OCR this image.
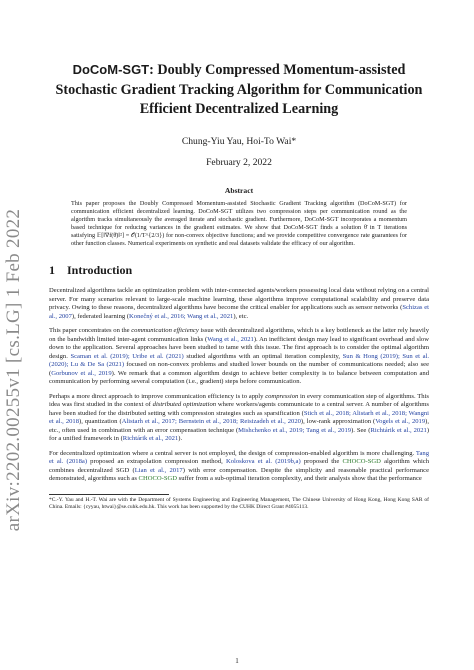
arXiv:2202.00255v1 [cs.LG] 1 Feb 2022
DoCoM-SGT: Doubly Compressed Momentum-assisted Stochastic Gradient Tracking Algorithm for Communication Efficient Decentralized Learning
Chung-Yiu Yau, Hoi-To Wai*
February 2, 2022
Abstract
This paper proposes the Doubly Compressed Momentum-assisted Stochastic Gradient Tracking algorithm (DoCoM-SGT) for communication efficient decentralized learning. DoCoM-SGT utilizes two compression steps per communication round as the algorithm tracks simultaneously the averaged iterate and stochastic gradient. Furthermore, DoCoM-SGT incorporates a momentum based technique for reducing variances in the gradient estimates. We show that DoCoM-SGT finds a solution θ̄ in T iterations satisfying 𝔼[‖∇f(θ̄)‖²] = 𝒪(1/T^{2/3}) for non-convex objective functions; and we provide competitive convergence rate guarantees for other function classes. Numerical experiments on synthetic and real datasets validate the efficacy of our algorithm.
1 Introduction

Decentralized algorithms tackle an optimization problem with inter-connected agents/workers possessing local data without relying on a central server. For many scenarios relevant to large-scale machine learning, these algorithms improve computational scalability and preserve data privacy. Owing to these reasons, decentralized algorithms have become the critical enabler for applications such as sensor networks (Schizas et al., 2007), federated learning (Konečný et al., 2016; Wang et al., 2021), etc.

This paper concentrates on the communication efficiency issue with decentralized algorithms, which is a key bottleneck as the latter rely heavily on the bandwidth limited inter-agent communication links (Wang et al., 2021). An inefficient design may lead to significant overhead and slow down to the application. Several approaches have been studied to tame with this issue. The first approach is to consider the optimal algorithm design. Scaman et al. (2019); Uribe et al. (2021) studied algorithms with an optimal iteration complexity, Sun & Hong (2019); Sun et al. (2020); Lu & De Sa (2021) focused on non-convex problems and studied lower bounds on the number of communications needed; also see (Gorbunov et al., 2019). We remark that a common algorithm design to achieve better complexity is to balance between computation and communication by performing several computation (i.e., gradient) steps before communication.

Perhaps a more direct approach to improve communication efficiency is to apply compression in every communication step of algorithms. This idea was first studied in the context of distributed optimization where workers/agents communicate to a central server. A number of algorithms have been studied for the distributed setting with compression strategies such as sparsification (Stich et al., 2018; Alistarh et al., 2018; Wangni et al., 2018), quantization (Alistarh et al., 2017; Bernstein et al., 2018; Reisizadeh et al., 2020), low-rank approximation (Vogels et al., 2019), etc., often used in combination with an error compensation technique (Mishchenko et al., 2019; Tang et al., 2019). See (Richtárik et al., 2021) for a unified framework in (Richtárik et al., 2021).

For decentralized optimization where a central server is not employed, the design of compression-enabled algorithm is more challenging. Tang et al. (2018a) proposed an extrapolation compression method, Koloskova et al. (2019b,a) proposed the CHOCO-SGD algorithm which combines decentralized SGD (Lian et al., 2017) with error compensation. Despite the simplicity and reasonable practical performance demonstrated, algorithms such as CHOCO-SGD suffer from a sub-optimal iteration complexity, and their analysis show that the performance

*C.-Y. Yau and H.-T. Wai are with the Department of Systems Engineering and Engineering Management, The Chinese University of Hong Kong, Hong Kong SAR of China. Emails: {cyyau, htwai}@se.cuhk.edu.hk. This work has been supported by the CUHK Direct Grant #4055113.
1
